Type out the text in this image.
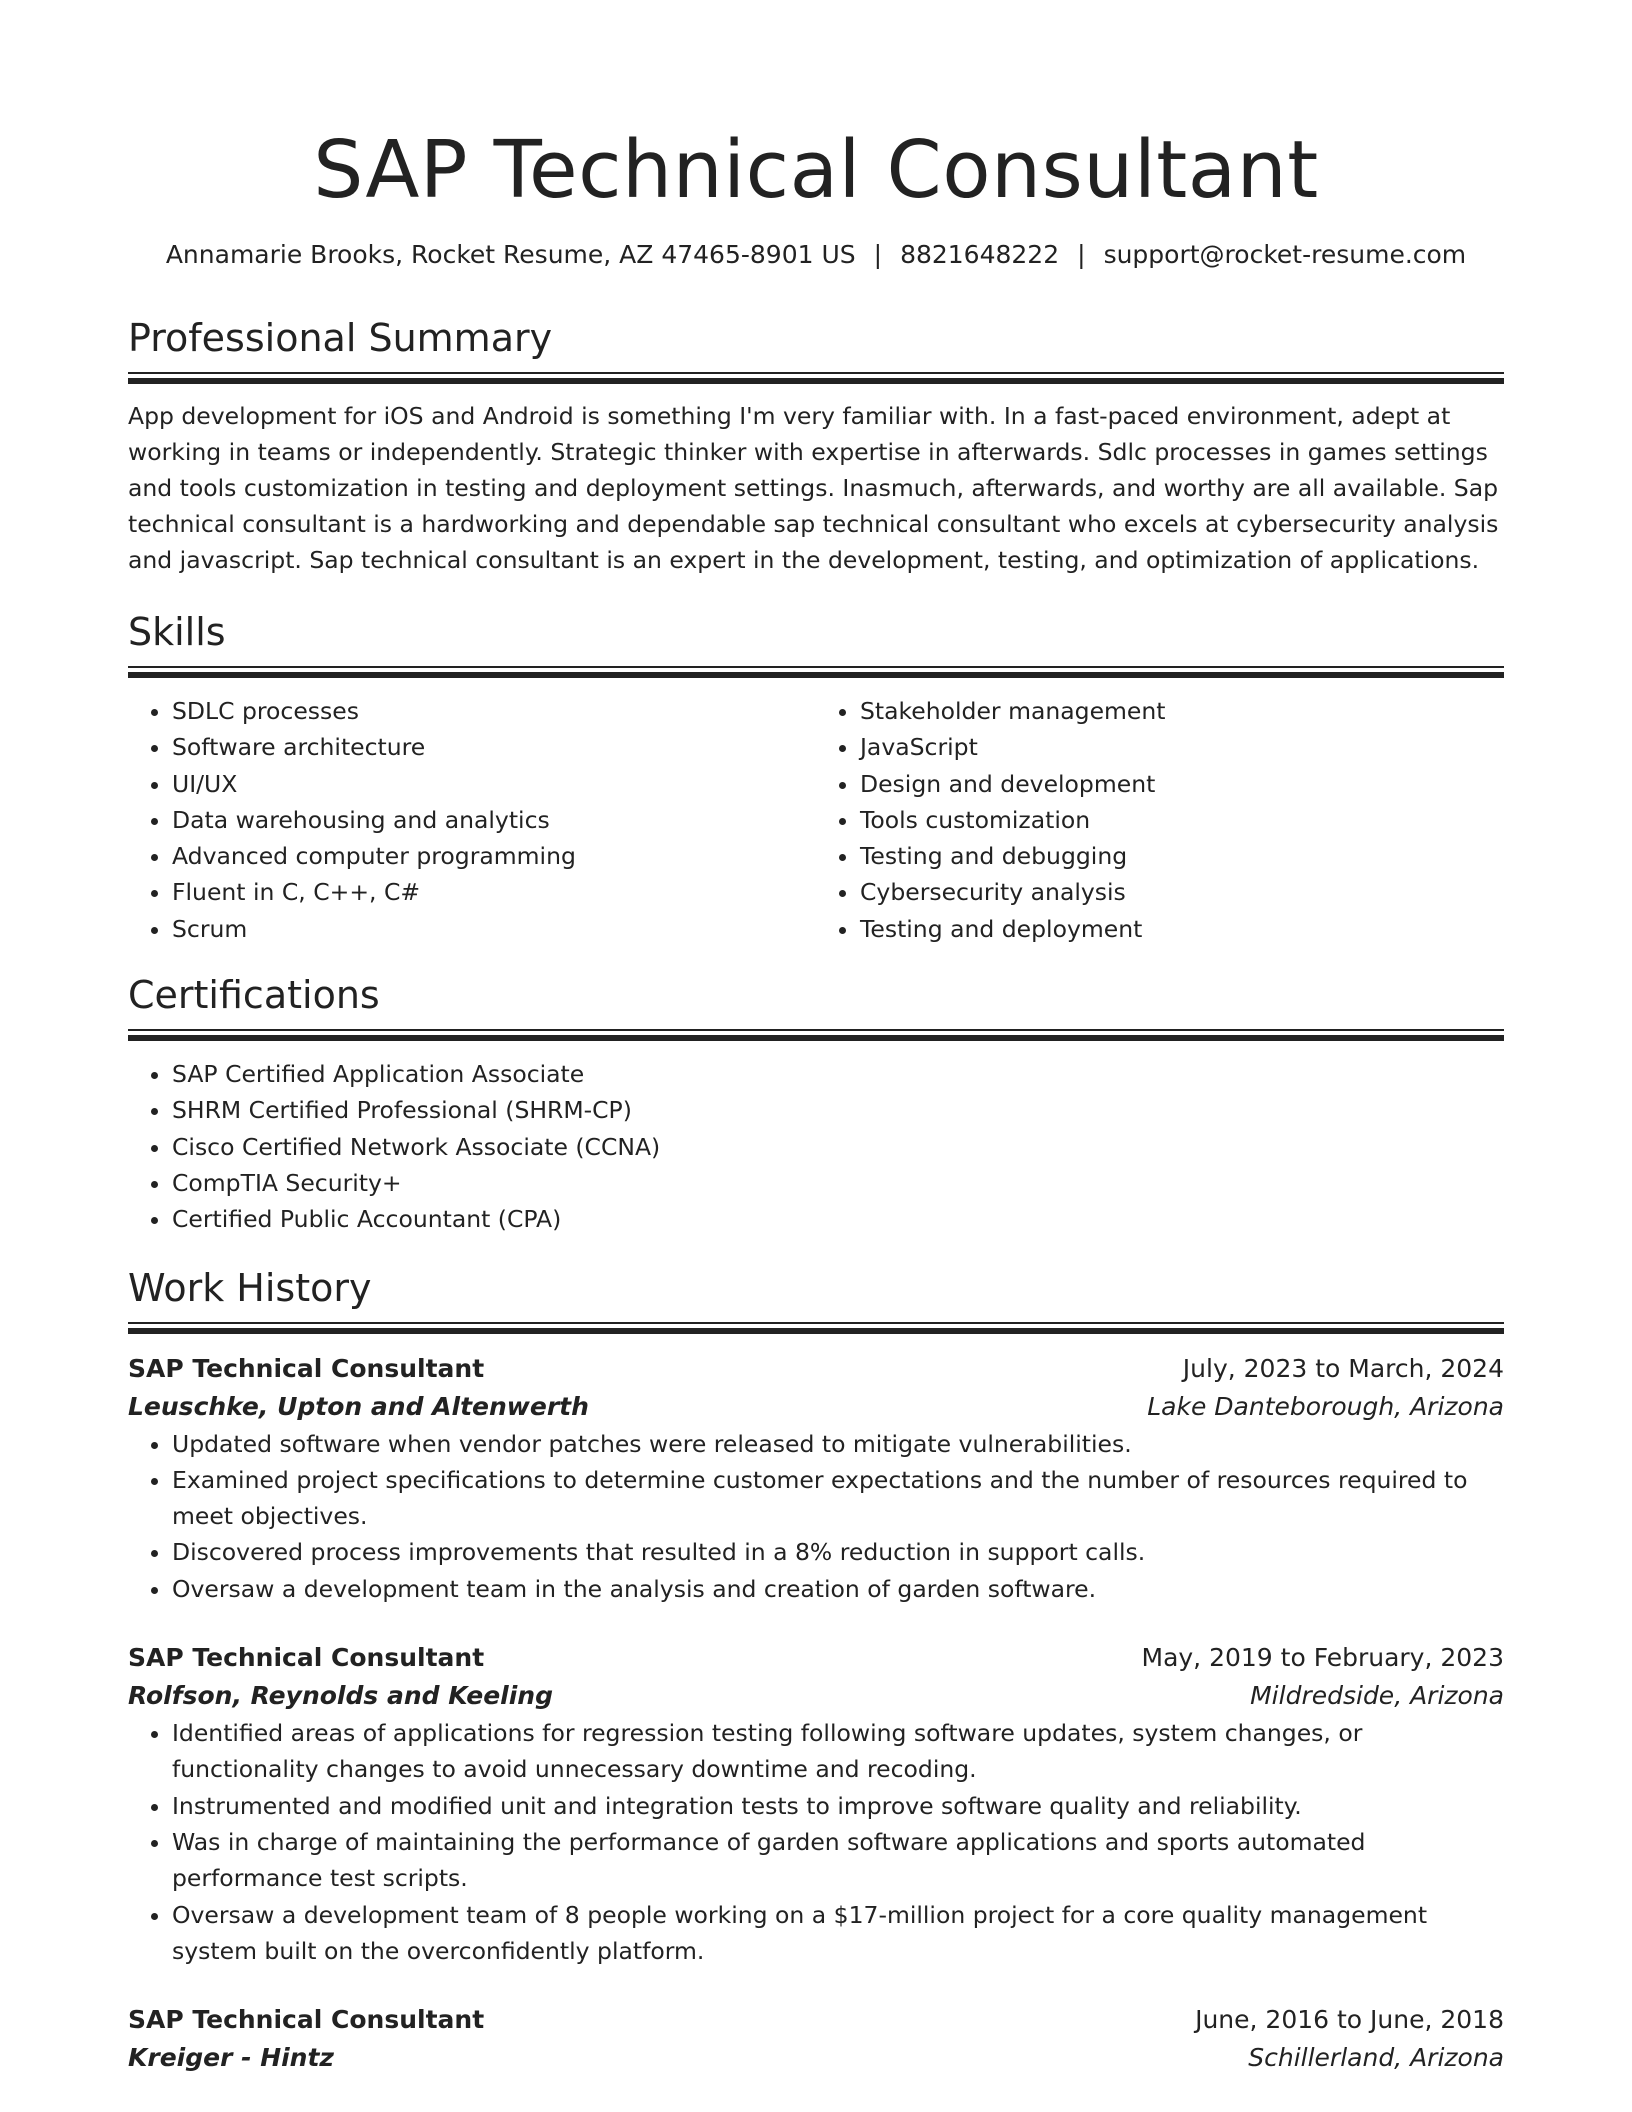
SAP Technical Consultant
Annamarie Brooks, Rocket Resume, AZ 47465-8901 US | 8821648222 | support@rocket-resume.com
Professional Summary

App development for iOS and Android is something I'm very familiar with. In a fast-paced environment, adept at working in teams or independently. Strategic thinker with expertise in afterwards. Sdlc processes in games settings and tools customization in testing and deployment settings. Inasmuch, afterwards, and worthy are all available. Sap technical consultant is a hardworking and dependable sap technical consultant who excels at cybersecurity analysis and javascript. Sap technical consultant is an expert in the development, testing, and optimization of applications.

Skills
• SDLC processes
• Software architecture
• UI/UX
• Data warehousing and analytics
• Advanced computer programming
• Fluent in C, C++, C#
• Scrum
• Stakeholder management
• JavaScript
• Design and development
• Tools customization
• Testing and debugging
• Cybersecurity analysis
• Testing and deployment
Certifications
• SAP Certified Application Associate
• SHRM Certified Professional (SHRM-CP)
• Cisco Certified Network Associate (CCNA)
• CompTIA Security+
• Certified Public Accountant (CPA)
Work History
SAP Technical Consultant	July, 2023 to March, 2024
Leuschke, Upton and Altenwerth	Lake Danteborough, Arizona
• Updated software when vendor patches were released to mitigate vulnerabilities.
• Examined project specifications to determine customer expectations and the number of resources required to meet objectives.
• Discovered process improvements that resulted in a 8% reduction in support calls.
• Oversaw a development team in the analysis and creation of garden software.
SAP Technical Consultant	May, 2019 to February, 2023
Rolfson, Reynolds and Keeling	Mildredside, Arizona
• Identified areas of applications for regression testing following software updates, system changes, or functionality changes to avoid unnecessary downtime and recoding.
• Instrumented and modified unit and integration tests to improve software quality and reliability.
• Was in charge of maintaining the performance of garden software applications and sports automated performance test scripts.
• Oversaw a development team of 8 people working on a $17-million project for a core quality management system built on the overconfidently platform.
SAP Technical Consultant	June, 2016 to June, 2018
Kreiger - Hintz	Schillerland, Arizona
